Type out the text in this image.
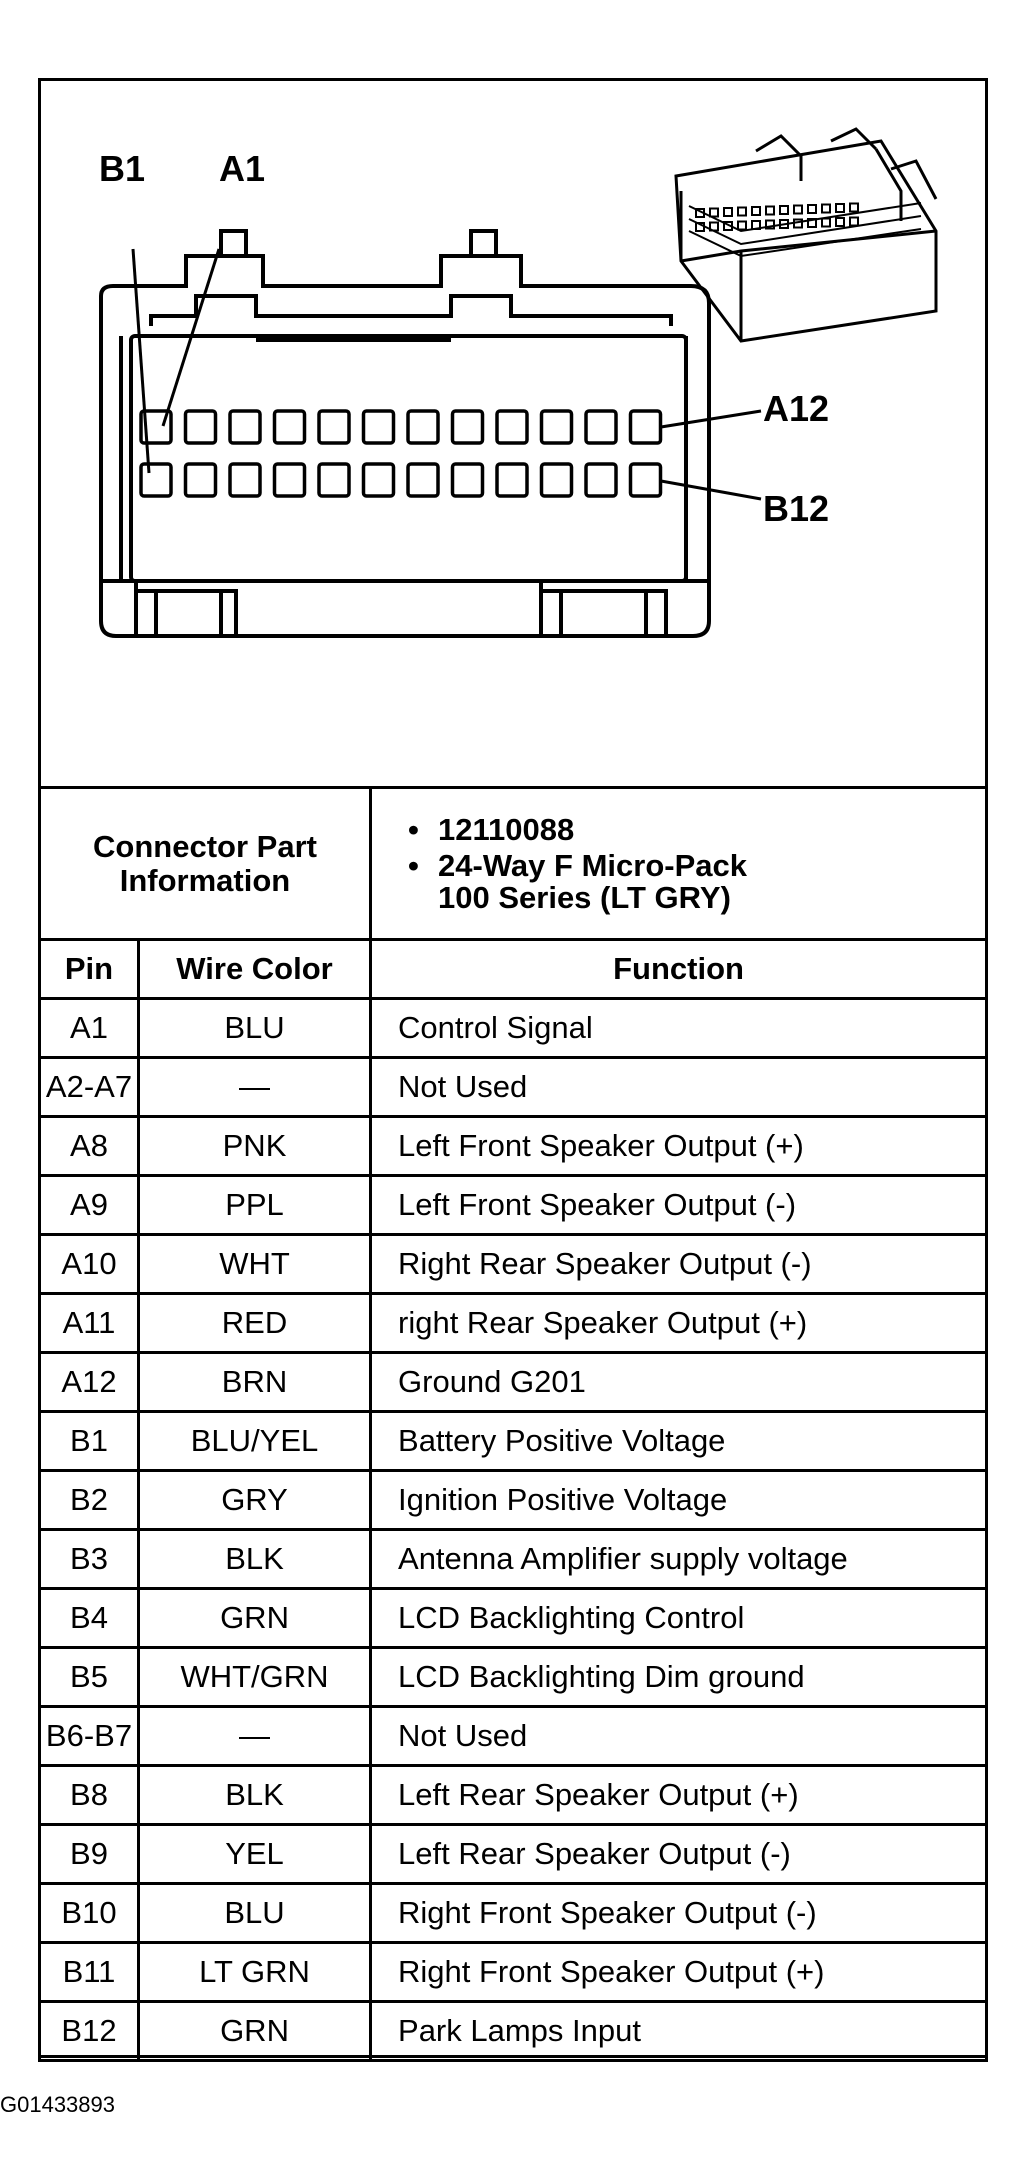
B1 A1
A12
B12
Connector Part Information		• 12110088
• 24-Way F Micro-Pack
100 Series (LT GRY)

Pin	Wire Color	Function
A1	BLU	Control Signal
A2-A7	—	Not Used
A8	PNK	Left Front Speaker Output (+)
A9	PPL	Left Front Speaker Output (-)
A10	WHT	Right Rear Speaker Output (-)
A11	RED	right Rear Speaker Output (+)
A12	BRN	Ground G201
B1	BLU/YEL	Battery Positive Voltage
B2	GRY	Ignition Positive Voltage
B3	BLK	Antenna Amplifier supply voltage
B4	GRN	LCD Backlighting Control
B5	WHT/GRN	LCD Backlighting Dim ground
B6-B7	—	Not Used
B8	BLK	Left Rear Speaker Output (+)
B9	YEL	Left Rear Speaker Output (-)
B10	BLU	Right Front Speaker Output (-)
B11	LT GRN	Right Front Speaker Output (+)
B12	GRN	Park Lamps Input
G01433893
